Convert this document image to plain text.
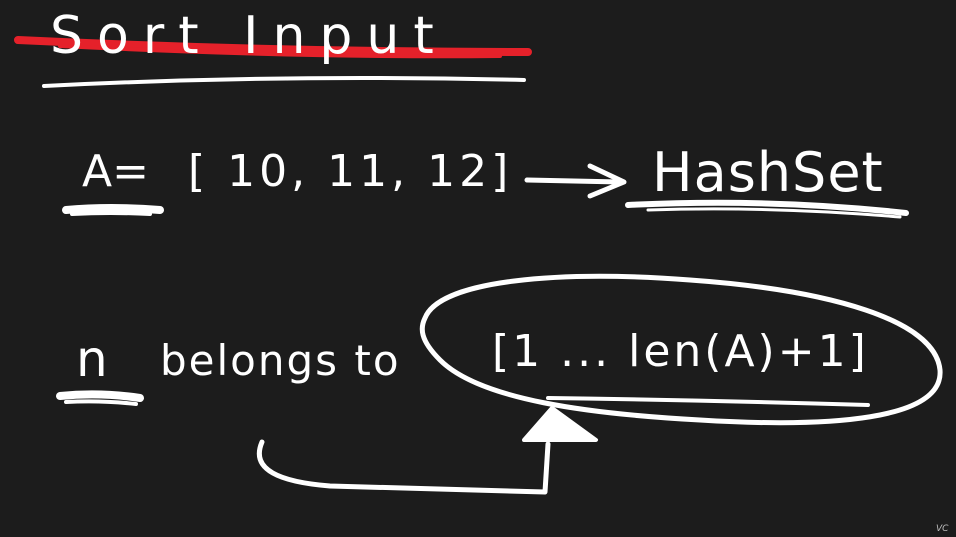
Sort Input
A= [ 10, 11, 12]	HashSet
n belongs to [1 ... len(A)+1]
VC
